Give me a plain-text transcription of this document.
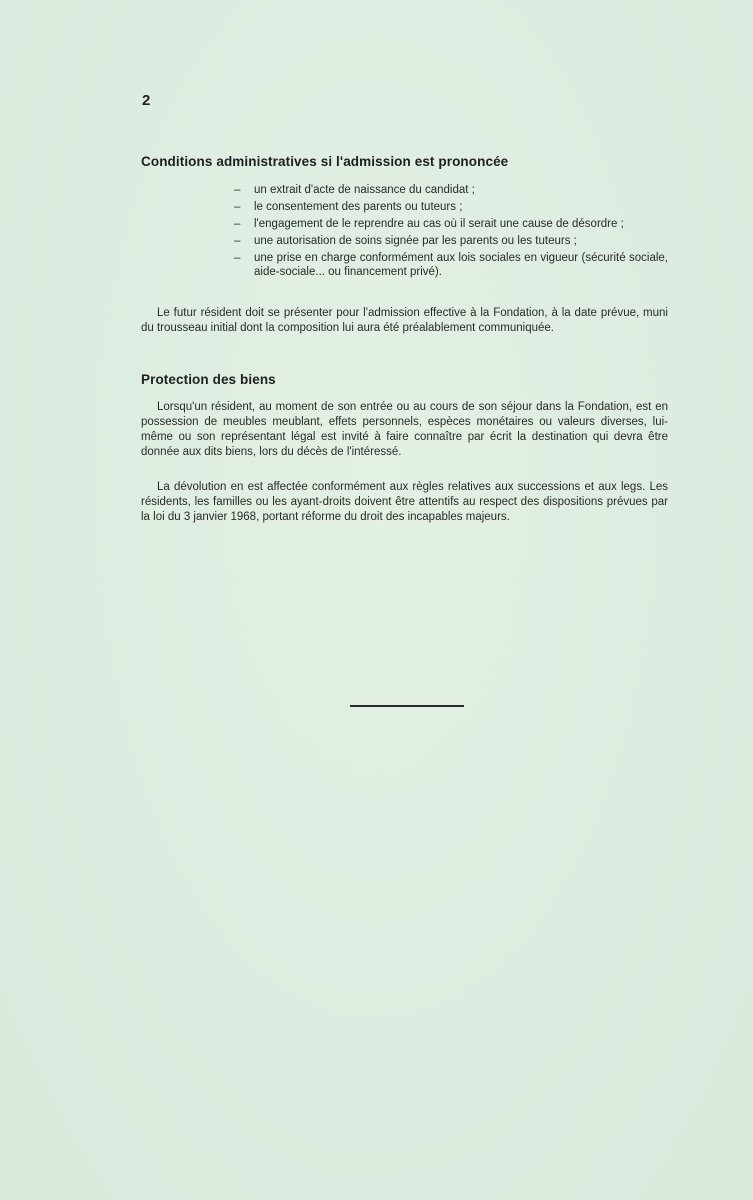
2
Conditions administratives si l'admission est prononcée
– un extrait d'acte de naissance du candidat ;
– le consentement des parents ou tuteurs ;
– l'engagement de le reprendre au cas où il serait une cause de désordre ;
– une autorisation de soins signée par les parents ou les tuteurs ;
– une prise en charge conformément aux lois sociales en vigueur (sécurité sociale, aide-sociale... ou financement privé).

Le futur résident doit se présenter pour l'admission effective à la Fondation, à la date prévue, muni du trousseau initial dont la composition lui aura été préalablement communiquée.

Protection des biens

Lorsqu'un résident, au moment de son entrée ou au cours de son séjour dans la Fondation, est en possession de meubles meublant, effets personnels, espèces monétaires ou valeurs diverses, lui-même ou son représentant légal est invité à faire connaître par écrit la destination qui devra être donnée aux dits biens, lors du décès de l'intéressé.

La dévolution en est affectée conformément aux règles relatives aux successions et aux legs. Les résidents, les familles ou les ayant-droits doivent être attentifs au respect des dispositions prévues par la loi du 3 janvier 1968, portant réforme du droit des incapables majeurs.
